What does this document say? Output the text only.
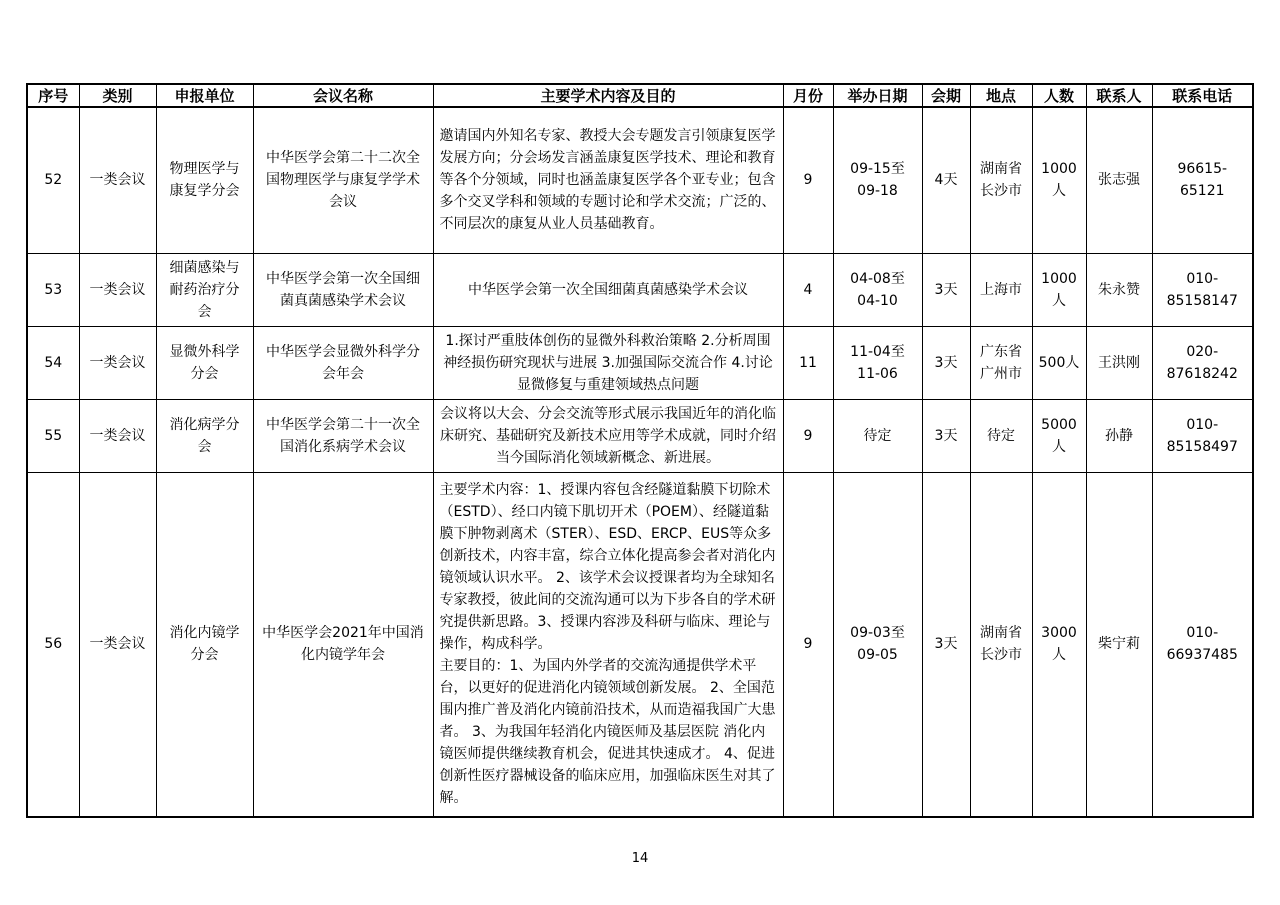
序号	类别	申报单位	会议名称	主要学术内容及目的	月份	举办日期	会期	地点	人数	联系人	联系电话
52	一类会议	物理医学与
康复学分会	中华医学会第二十二次全
国物理医学与康复学学术
会议	邀请国内外知名专家、教授大会专题发言引领康复医学发展方向；分会场发言涵盖康复医学技术、理论和教育等各个分领域，同时也涵盖康复医学各个亚专业；包含多个交叉学科和领域的专题讨论和学术交流；广泛的、不同层次的康复从业人员基础教育。	9	09-15至
09-18	4天	湖南省
长沙市	1000
人	张志强	96615-
65121

53	一类会议	细菌感染与
耐药治疗分
会	中华医学会第一次全国细
菌真菌感染学术会议	中华医学会第一次全国细菌真菌感染学术会议	4	04-08至
04-10	3天	上海市	1000
人	朱永赞	010-
85158147

54	一类会议	显微外科学
分会	中华医学会显微外科学分
会年会	1.探讨严重肢体创伤的显微外科救治策略 2.分析周围神经损伤研究现状与进展 3.加强国际交流合作 4.讨论显微修复与重建领域热点问题	11	11-04至
11-06	3天	广东省
广州市	500人	王洪刚	020-
87618242

55	一类会议	消化病学分
会	中华医学会第二十一次全
国消化系病学术会议	会议将以大会、分会交流等形式展示我国近年的消化临床研究、基础研究及新技术应用等学术成就，同时介绍当今国际消化领域新概念、新进展。	9	待定	3天	待定	5000
人	孙静	010-
85158497

56	一类会议	消化内镜学
分会	中华医学会2021年中国消
化内镜学年会	主要学术内容：1、授课内容包含经隧道黏膜下切除术（ESTD）、经口内镜下肌切开术（POEM）、经隧道黏膜下肿物剥离术（STER）、ESD、ERCP、EUS等众多创新技术，内容丰富，综合立体化提高参会者对消化内镜领域认识水平。 2、该学术会议授课者均为全球知名专家教授，彼此间的交流沟通可以为下步各自的学术研究提供新思路。3、授课内容涉及科研与临床、理论与操作，构成科学。
主要目的：1、为国内外学者的交流沟通提供学术平台，以更好的促进消化内镜领域创新发展。 2、全国范围内推广普及消化内镜前沿技术，从而造福我国广大患者。 3、为我国年轻消化内镜医师及基层医院 消化内镜医师提供继续教育机会，促进其快速成才。 4、促进创新性医疗器械设备的临床应用，加强临床医生对其了解。	9	09-03至
09-05	3天	湖南省
长沙市	3000
人	柴宁莉	010-
66937485
14
